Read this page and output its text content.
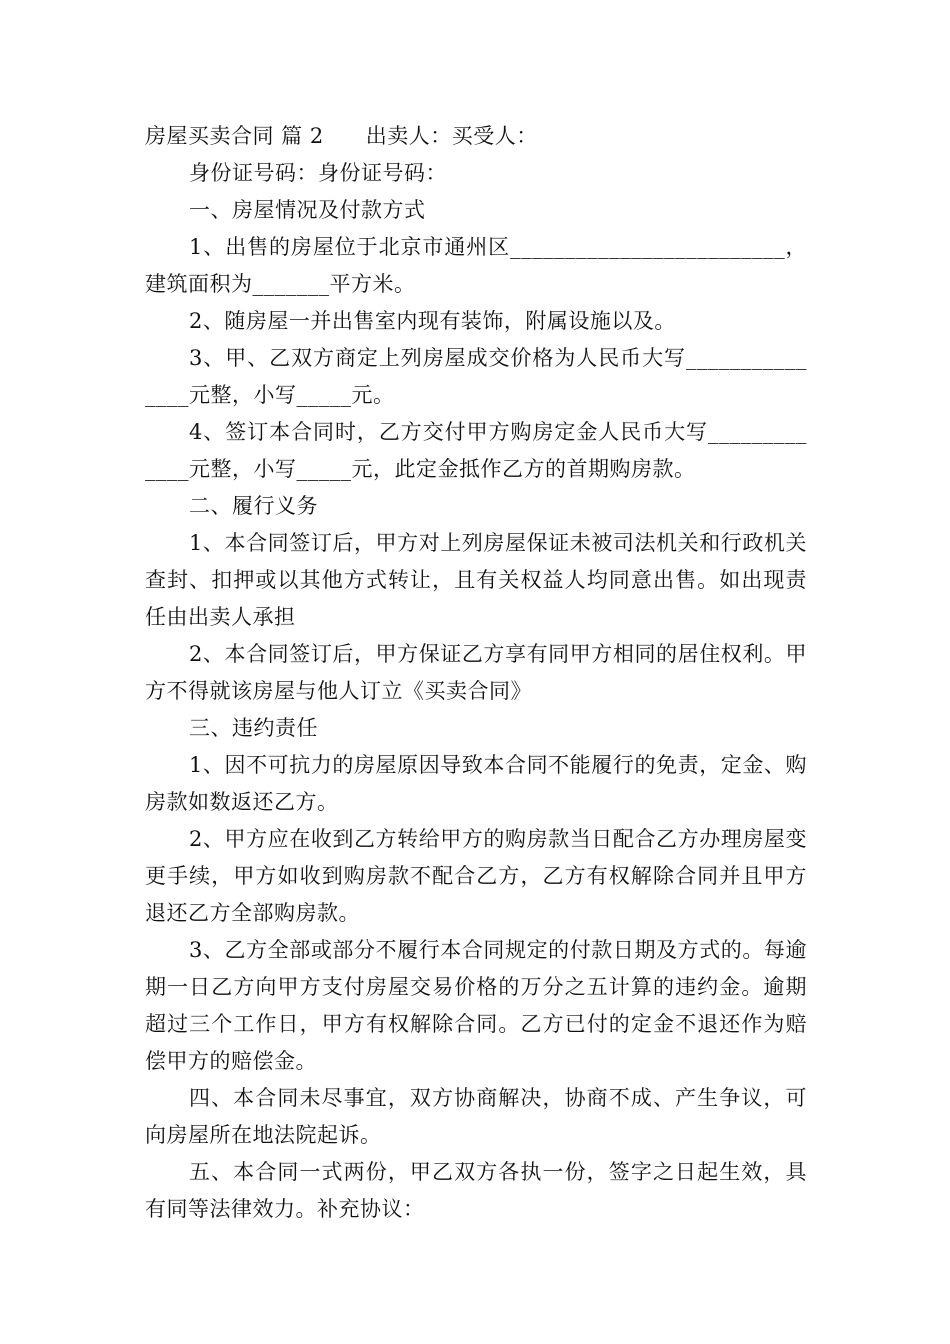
房屋买卖合同 篇 2 出卖人：买受人：

身份证号码：身份证号码：

一、房屋情况及付款方式

1、出售的房屋位于北京市通州区_________________________，建筑面积为_______平方米。

2、随房屋一并出售室内现有装饰，附属设施以及。

3、甲、乙双方商定上列房屋成交价格为人民币大写_______________元整，小写_____元。

4、签订本合同时，乙方交付甲方购房定金人民币大写_____________元整，小写_____元，此定金抵作乙方的首期购房款。

二、履行义务

1、本合同签订后，甲方对上列房屋保证未被司法机关和行政机关查封、扣押或以其他方式转让，且有关权益人均同意出售。如出现责任由出卖人承担

2、本合同签订后，甲方保证乙方享有同甲方相同的居住权利。甲方不得就该房屋与他人订立《买卖合同》

三、违约责任

1、因不可抗力的房屋原因导致本合同不能履行的免责，定金、购房款如数返还乙方。

2、甲方应在收到乙方转给甲方的购房款当日配合乙方办理房屋变更手续，甲方如收到购房款不配合乙方，乙方有权解除合同并且甲方退还乙方全部购房款。

3、乙方全部或部分不履行本合同规定的付款日期及方式的。每逾期一日乙方向甲方支付房屋交易价格的万分之五计算的违约金。逾期超过三个工作日，甲方有权解除合同。乙方已付的定金不退还作为赔偿甲方的赔偿金。

四、本合同未尽事宜，双方协商解决，协商不成、产生争议，可向房屋所在地法院起诉。

五、本合同一式两份，甲乙双方各执一份，签字之日起生效，具有同等法律效力。补充协议：
